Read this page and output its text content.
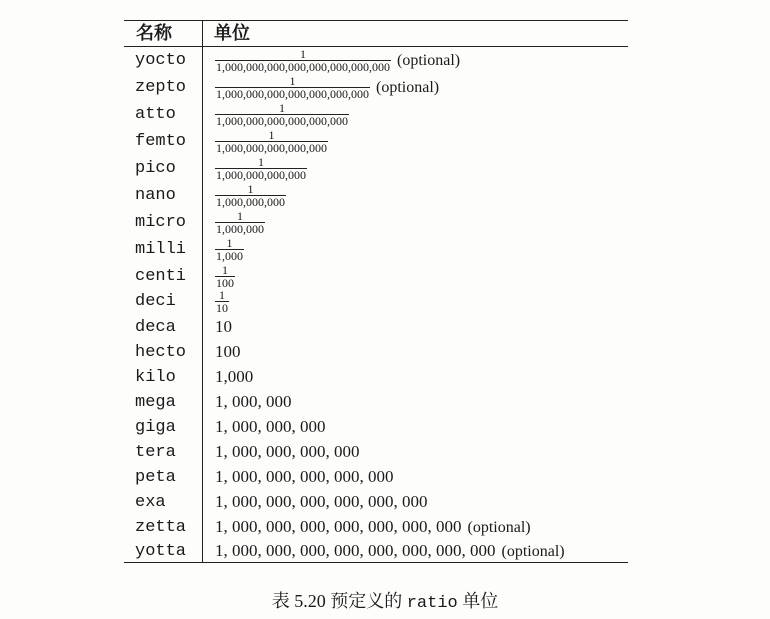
名称 单位
yocto $\frac{1}{1,000,000,000,000,000,000,000,000}$ (optional)
zepto $\frac{1}{1,000,000,000,000,000,000,000}$ (optional)
atto	$\frac{1}{1,000,000,000,000,000,000}$
femto $\frac{1}{1,000,000,000,000,000}$
pico	$\frac{1}{1,000,000,000,000}$
nano	$\frac{1}{1,000,000,000}$
micro $\frac{1}{1,000,000}$
milli $\frac{1}{1,000}$
centi $\frac{1}{100}$
deci	$\frac{1}{10}$
deca 10
hecto 100
kilo 1,000
mega 1, 000, 000
giga 1, 000, 000, 000
tera 1, 000, 000, 000, 000
peta 1, 000, 000, 000, 000, 000
exa	1, 000, 000, 000, 000, 000, 000
zetta 1, 000, 000, 000, 000, 000, 000, 000 (optional)
yotta 1, 000, 000, 000, 000, 000, 000, 000, 000 (optional)
表 5.20 预定义的 ratio 单位
